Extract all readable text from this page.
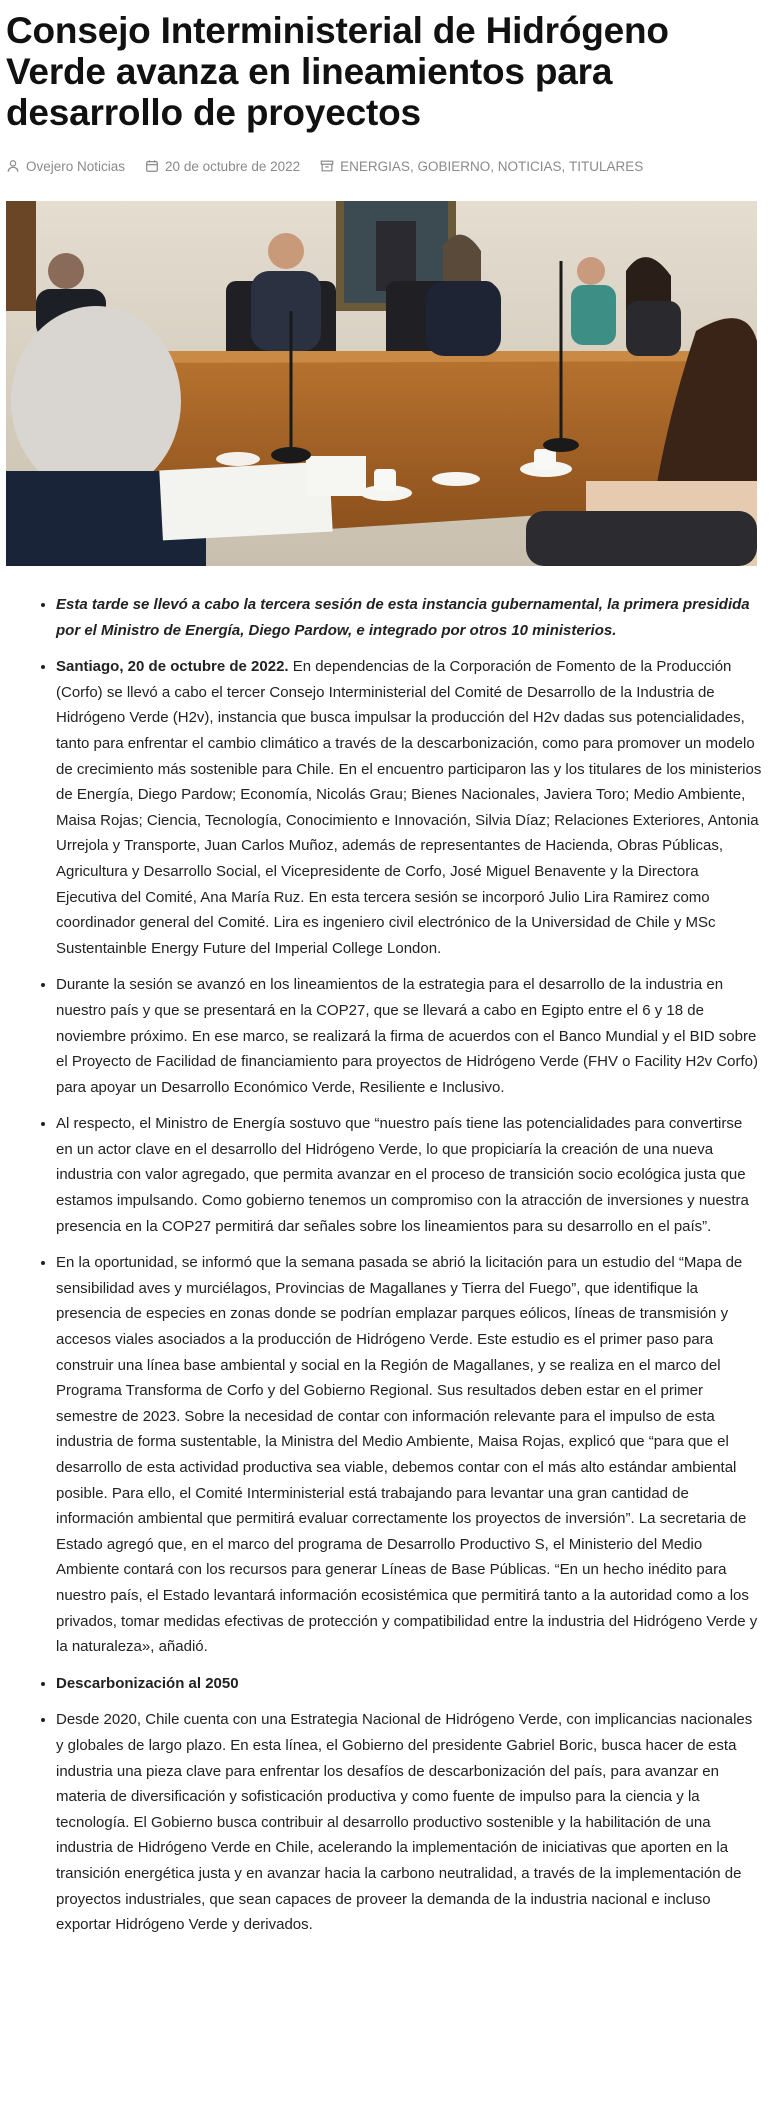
Consejo Interministerial de Hidrógeno Verde avanza en lineamientos para desarrollo de proyectos
Ovejero Noticias	20 de octubre de 2022	ENERGIAS , GOBIERNO , NOTICIAS , TITULARES
• Esta tarde se llevó a cabo la tercera sesión de esta instancia gubernamental, la primera presidida por el Ministro de Energía, Diego Pardow, e integrado por otros 10 ministerios.
• Santiago, 20 de octubre de 2022. En dependencias de la Corporación de Fomento de la Producción (Corfo) se llevó a cabo el tercer Consejo Interministerial del Comité de Desarrollo de la Industria de Hidrógeno Verde (H2v), instancia que busca impulsar la producción del H2v dadas sus potencialidades, tanto para enfrentar el cambio climático a través de la descarbonización, como para promover un modelo de crecimiento más sostenible para Chile. En el encuentro participaron las y los titulares de los ministerios de Energía, Diego Pardow; Economía, Nicolás Grau; Bienes Nacionales, Javiera Toro; Medio Ambiente, Maisa Rojas; Ciencia, Tecnología, Conocimiento e Innovación, Silvia Díaz; Relaciones Exteriores, Antonia Urrejola y Transporte, Juan Carlos Muñoz, además de representantes de Hacienda, Obras Públicas, Agricultura y Desarrollo Social, el Vicepresidente de Corfo, José Miguel Benavente y la Directora Ejecutiva del Comité, Ana María Ruz. En esta tercera sesión se incorporó Julio Lira Ramirez como coordinador general del Comité. Lira es ingeniero civil electrónico de la Universidad de Chile y MSc Sustentainble Energy Future del Imperial College London.
• Durante la sesión se avanzó en los lineamientos de la estrategia para el desarrollo de la industria en nuestro país y que se presentará en la COP27, que se llevará a cabo en Egipto entre el 6 y 18 de noviembre próximo. En ese marco, se realizará la firma de acuerdos con el Banco Mundial y el BID sobre el Proyecto de Facilidad de financiamiento para proyectos de Hidrógeno Verde (FHV o Facility H2v Corfo) para apoyar un Desarrollo Económico Verde, Resiliente e Inclusivo.
• Al respecto, el Ministro de Energía sostuvo que “nuestro país tiene las potencialidades para convertirse en un actor clave en el desarrollo del Hidrógeno Verde, lo que propiciaría la creación de una nueva industria con valor agregado, que permita avanzar en el proceso de transición socio ecológica justa que estamos impulsando. Como gobierno tenemos un compromiso con la atracción de inversiones y nuestra presencia en la COP27 permitirá dar señales sobre los lineamientos para su desarrollo en el país”.
• En la oportunidad, se informó que la semana pasada se abrió la licitación para un estudio del “Mapa de sensibilidad aves y murciélagos, Provincias de Magallanes y Tierra del Fuego”, que identifique la presencia de especies en zonas donde se podrían emplazar parques eólicos, líneas de transmisión y accesos viales asociados a la producción de Hidrógeno Verde. Este estudio es el primer paso para construir una línea base ambiental y social en la Región de Magallanes, y se realiza en el marco del Programa Transforma de Corfo y del Gobierno Regional. Sus resultados deben estar en el primer semestre de 2023. Sobre la necesidad de contar con información relevante para el impulso de esta industria de forma sustentable, la Ministra del Medio Ambiente, Maisa Rojas, explicó que “para que el desarrollo de esta actividad productiva sea viable, debemos contar con el más alto estándar ambiental posible. Para ello, el Comité Interministerial está trabajando para levantar una gran cantidad de información ambiental que permitirá evaluar correctamente los proyectos de inversión”. La secretaria de Estado agregó que, en el marco del programa de Desarrollo Productivo S, el Ministerio del Medio Ambiente contará con los recursos para generar Líneas de Base Públicas. “En un hecho inédito para nuestro país, el Estado levantará información ecosistémica que permitirá tanto a la autoridad como a los privados, tomar medidas efectivas de protección y compatibilidad entre la industria del Hidrógeno Verde y la naturaleza», añadió.
• Descarbonización al 2050
• Desde 2020, Chile cuenta con una Estrategia Nacional de Hidrógeno Verde, con implicancias nacionales y globales de largo plazo. En esta línea, el Gobierno del presidente Gabriel Boric, busca hacer de esta industria una pieza clave para enfrentar los desafíos de descarbonización del país, para avanzar en materia de diversificación y sofisticación productiva y como fuente de impulso para la ciencia y la tecnología. El Gobierno busca contribuir al desarrollo productivo sostenible y la habilitación de una industria de Hidrógeno Verde en Chile, acelerando la implementación de iniciativas que aporten en la transición energética justa y en avanzar hacia la carbono neutralidad, a través de la implementación de proyectos industriales, que sean capaces de proveer la demanda de la industria nacional e incluso exportar Hidrógeno Verde y derivados.
